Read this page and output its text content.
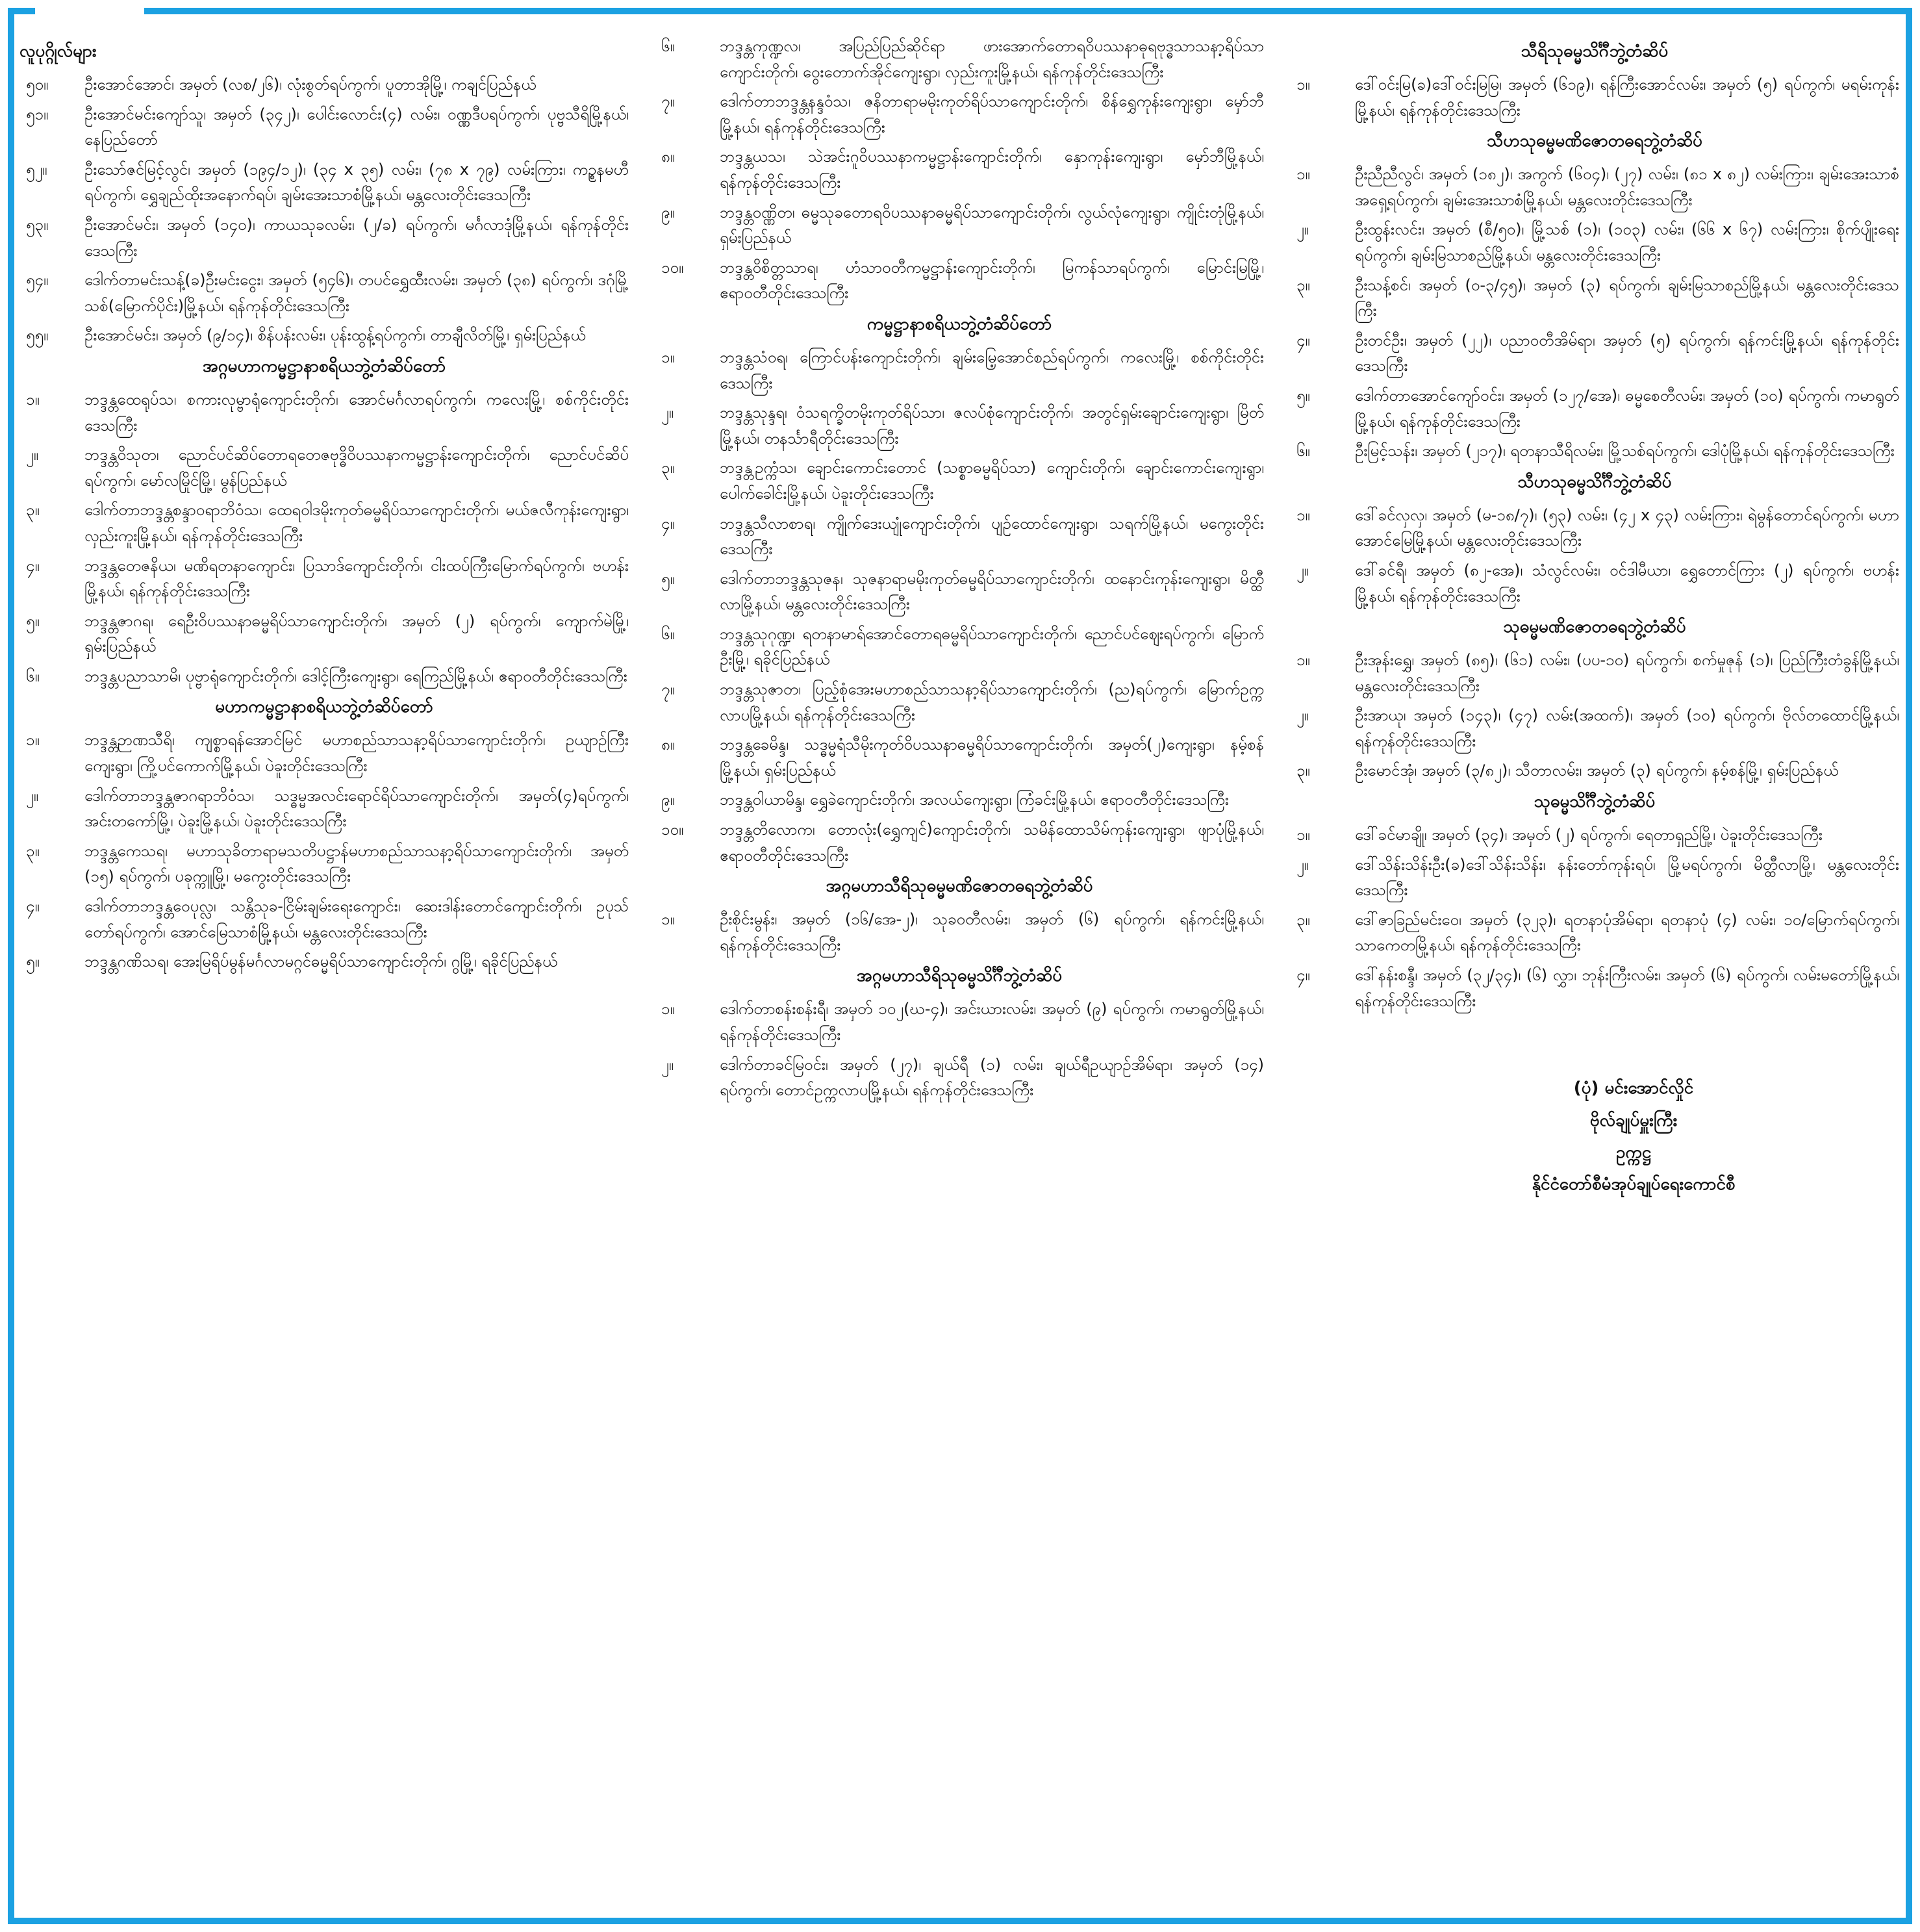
လူပုဂ္ဂိုလ်များ
၅၀။	ဦးအောင်အောင်၊ အမှတ် (လစ/၂၆)၊ လုံးစွတ်ရပ်ကွက်၊ ပူတာအိုမြို့၊ ကချင်ပြည်နယ်
၅၁။	ဦးအောင်မင်းကျော်သူ၊ အမှတ် (၃၄၂)၊ ပေါင်းလောင်း(၄) လမ်း၊ ဝဏ္ဏဒီပရပ်ကွက်၊ ပုဗ္ဗသီရိမြို့နယ်၊ နေပြည်တော်
၅၂။	ဦးသော်ဇင်မြင့်လွင်၊ အမှတ် (၁၉၄/၁၂)၊ (၃၄ x ၃၅) လမ်း၊ (၇၈ x ၇၉) လမ်းကြား၊ ကဥ္စနမဟီရပ်ကွက်၊ ရွှေချည်ထိုးအနောက်ရပ်၊ ချမ်းအေးသာစံမြို့နယ်၊ မန္တလေးတိုင်းဒေသကြီး
၅၃။	ဦးအောင်မင်း၊ အမှတ် (၁၄၀)၊ ကာယသုခလမ်း၊ (၂/ခ) ရပ်ကွက်၊ မင်္ဂလာဒုံမြို့နယ်၊ ရန်ကုန်တိုင်းဒေသကြီး
၅၄။	ဒေါက်တာမင်းသန့်(ခ)ဦးမင်းငွေး၊ အမှတ် (၅၄၆)၊ တပင်ရွှေထီးလမ်း၊ အမှတ် (၃၈) ရပ်ကွက်၊ ဒဂုံမြို့သစ်(မြောက်ပိုင်း)မြို့နယ်၊ ရန်ကုန်တိုင်းဒေသကြီး
၅၅။	ဦးအောင်မင်း၊ အမှတ် (၉/၁၄)၊ စိန်ပန်းလမ်း၊ ပုန်းထွန့်ရပ်ကွက်၊ တာချီလိတ်မြို့၊ ရှမ်းပြည်နယ်
အဂ္ဂမဟာကမ္မဋ္ဌာနာစရိယဘွဲ့တံဆိပ်တော်
၁။	ဘဒ္ဒန္တထေရုပ်သ၊ စကားလုမ္ဗာရုံကျောင်းတိုက်၊ အောင်မင်္ဂလာရပ်ကွက်၊ ကလေးမြို့၊ စစ်ကိုင်းတိုင်းဒေသကြီး
၂။	ဘဒ္ဒန္တဝိသုတ၊ ညောင်ပင်ဆိပ်တောရတေဇဗုဒ္ဓိဝိပဿနာကမ္မဋ္ဌာန်းကျောင်းတိုက်၊ ညောင်ပင်ဆိပ်ရပ်ကွက်၊ မော်လမြိုင်မြို့၊ မွန်ပြည်နယ်
၃။	ဒေါက်တာဘဒ္ဒန္တစန္ဒာဝရာဘိဝံသ၊ ထေရဝါဒမိုးကုတ်ဓမ္မရိပ်သာကျောင်းတိုက်၊ မယ်ဇလီကုန်းကျေးရွာ၊ လှည်းကူးမြို့နယ်၊ ရန်ကုန်တိုင်းဒေသကြီး
၄။	ဘဒ္ဒန္တတေဇနိယ၊ မဏိရတနာကျောင်း၊ ပြသာဒ်ကျောင်းတိုက်၊ ငါးထပ်ကြီးမြောက်ရပ်ကွက်၊ ဗဟန်းမြို့နယ်၊ ရန်ကုန်တိုင်းဒေသကြီး
၅။	ဘဒ္ဒန္တဇာဂရ၊ ရေဦးဝိပဿနာဓမ္မရိပ်သာကျောင်းတိုက်၊ အမှတ် (၂) ရပ်ကွက်၊ ကျောက်မဲမြို့၊ ရှမ်းပြည်နယ်
၆။	ဘဒ္ဒန္တပညာသာမိ၊ ပုဗ္ဗာရုံကျောင်းတိုက်၊ ဒေါင့်ကြီးကျေးရွာ၊ ရေကြည်မြို့နယ်၊ ဧရာဝတီတိုင်းဒေသကြီး
မဟာကမ္မဋ္ဌာနာစရိယဘွဲ့တံဆိပ်တော်
၁။	ဘဒ္ဒန္တဉာဏသီရိ၊ ကျစ္စာရန်အောင်မြင် မဟာစည်သာသနာ့ရိပ်သာကျောင်းတိုက်၊ ဥယျာဉ်ကြီးကျေးရွာ၊ ကြို့ပင်ကောက်မြို့နယ်၊ ပဲခူးတိုင်းဒေသကြီး
၂။	ဒေါက်တာဘဒ္ဒန္တဇာဂရာဘိဝံသ၊ သဒ္ဓမ္မအလင်းရောင်ရိပ်သာကျောင်းတိုက်၊ အမှတ်(၄)ရပ်ကွက်၊ အင်းတကော်မြို့၊ ပဲခူးမြို့နယ်၊ ပဲခူးတိုင်းဒေသကြီး
၃။	ဘဒ္ဒန္တကေသရ၊ မဟာသုခိတာရာမသတိပဋ္ဌာန်မဟာစည်သာသနာ့ရိပ်သာကျောင်းတိုက်၊ အမှတ် (၁၅) ရပ်ကွက်၊ ပခုက္ကူမြို့၊ မကွေးတိုင်းဒေသကြီး
၄။	ဒေါက်တာဘဒ္ဒန္တဝေပုလ္လ၊ သန္တိသုခ-ငြိမ်းချမ်းရေးကျောင်း၊ ဆေးဒါန်းတောင်ကျောင်းတိုက်၊ ဥပုသ်တော်ရပ်ကွက်၊ အောင်မြေသာစံမြို့နယ်၊ မန္တလေးတိုင်းဒေသကြီး
၅။	ဘဒ္ဒန္တဂဏိသရ၊ အေးမြရိပ်မွန်မင်္ဂလာမဂ္ဂင်ဓမ္မရိပ်သာကျောင်းတိုက်၊ ဂွမြို့၊ ရခိုင်ပြည်နယ်
၆။	ဘဒ္ဒန္တကုဏ္ဍလ၊ အပြည်ပြည်ဆိုင်ရာ ဖားအောက်တောရဝိပဿနာဓုရဗုဒ္ဓသာသနာ့ရိပ်သာကျောင်းတိုက်၊ ဝွေးတောက်အိုင်ကျေးရွာ၊ လှည်းကူးမြို့နယ်၊ ရန်ကုန်တိုင်းဒေသကြီး
၇။	ဒေါက်တာဘဒ္ဒန္တနန္ဒဝံသ၊ ဇနိတာရာမမိုးကုတ်ရိပ်သာကျောင်းတိုက်၊ စိန်ရွှေကုန်းကျေးရွာ၊ မှော်ဘီမြို့နယ်၊ ရန်ကုန်တိုင်းဒေသကြီး
၈။	ဘဒ္ဒန္တယသ၊ သဲအင်းဂူဝိပဿနာကမ္မဋ္ဌာန်းကျောင်းတိုက်၊ နှောကုန်းကျေးရွာ၊ မှော်ဘီမြို့နယ်၊ ရန်ကုန်တိုင်းဒေသကြီး
၉။	ဘဒ္ဒန္တဝဏ္ဏိတ၊ ဓမ္မသုခတောရဝိပဿနာဓမ္မရိပ်သာကျောင်းတိုက်၊ လွယ်လုံကျေးရွာ၊ ကျိုင်းတုံမြို့နယ်၊ ရှမ်းပြည်နယ်
၁၀။	ဘဒ္ဒန္တဝိစိတ္တသာရ၊ ဟံသာဝတီကမ္မဋ္ဌာန်းကျောင်းတိုက်၊ မြကန်သာရပ်ကွက်၊ မြောင်းမြမြို့၊ ဧရာဝတီတိုင်းဒေသကြီး
ကမ္မဋ္ဌာနာစရိယဘွဲ့တံဆိပ်တော်
၁။	ဘဒ္ဒန္တသံဝရ၊ ကြောင်ပန်းကျောင်းတိုက်၊ ချမ်းမြေ့အောင်စည်ရပ်ကွက်၊ ကလေးမြို့၊ စစ်ကိုင်းတိုင်းဒေသကြီး
၂။	ဘဒ္ဒန္တသုန္ဒရ၊ ဝံသရက္ခိတမိုးကုတ်ရိပ်သာ၊ ဇလပ်စုံကျောင်းတိုက်၊ အတွင်ရှမ်းချောင်းကျေးရွာ၊ မြိတ်မြို့နယ်၊ တနင်္သာရီတိုင်းဒေသကြီး
၃။	ဘဒ္ဒန္တဥက္ကံသ၊ ချောင်းကောင်းတောင် (သစ္စာဓမ္မရိပ်သာ) ကျောင်းတိုက်၊ ချောင်းကောင်းကျေးရွာ၊ ပေါက်ခေါင်းမြို့နယ်၊ ပဲခူးတိုင်းဒေသကြီး
၄။	ဘဒ္ဒန္တသီလာစာရ၊ ကျိုက်ဒေးယျုံကျောင်းတိုက်၊ ပျဉ်ထောင်ကျေးရွာ၊ သရက်မြို့နယ်၊ မကွေးတိုင်းဒေသကြီး
၅။	ဒေါက်တာဘဒ္ဒန္တသုဇန၊ သုဇနာရာမမိုးကုတ်ဓမ္မရိပ်သာကျောင်းတိုက်၊ ထနောင်းကုန်းကျေးရွာ၊ မိတ္ထီလာမြို့နယ်၊ မန္တလေးတိုင်းဒေသကြီး
၆။	ဘဒ္ဒန္တသုဂုဏ္ဍ၊ ရတနာမာရ်အောင်တောရဓမ္မရိပ်သာကျောင်းတိုက်၊ ညောင်ပင်ဈေးရပ်ကွက်၊ မြောက်ဦးမြို့၊ ရခိုင်ပြည်နယ်
၇။	ဘဒ္ဒန္တသုဇာတ၊ ပြည့်စုံအေးမဟာစည်သာသနာ့ရိပ်သာကျောင်းတိုက်၊ (ည)ရပ်ကွက်၊ မြောက်ဥက္ကလာပမြို့နယ်၊ ရန်ကုန်တိုင်းဒေသကြီး
၈။	ဘဒ္ဒန္တခေမိန္ဒ၊ သဒ္ဓမ္မရံသီမိုးကုတ်ဝိပဿနာဓမ္မရိပ်သာကျောင်းတိုက်၊ အမှတ်(၂)ကျေးရွာ၊ နမ့်စန်မြို့နယ်၊ ရှမ်းပြည်နယ်
၉။	ဘဒ္ဒန္တဝါယာမိန္ဒ၊ ရွှေခဲကျောင်းတိုက်၊ အလယ်ကျေးရွာ၊ ကြံခင်းမြို့နယ်၊ ဧရာဝတီတိုင်းဒေသကြီး
၁၀။	ဘဒ္ဒန္တတိလောက၊ တောလုံး(ရွှေကျင်)ကျောင်းတိုက်၊ သမိန်ထောသိမ်ကုန်းကျေးရွာ၊ ဖျာပုံမြို့နယ်၊ ဧရာဝတီတိုင်းဒေသကြီး
အဂ္ဂမဟာသီရိသုဓမ္မမဏိဇောတဓရဘွဲ့တံဆိပ်
၁။	ဦးစိုင်းမွန်း၊ အမှတ် (၁၆/အေ-၂)၊ သုခဝတီလမ်း၊ အမှတ် (၆) ရပ်ကွက်၊ ရန်ကင်းမြို့နယ်၊ ရန်ကုန်တိုင်းဒေသကြီး
အဂ္ဂမဟာသီရိသုဓမ္မသိင်္ဂီဘွဲ့တံဆိပ်
၁။	ဒေါက်တာစန်းစန်းရီ၊ အမှတ် ၁၀၂(ဃ-၄)၊ အင်းယားလမ်း၊ အမှတ် (၉) ရပ်ကွက်၊ ကမာရွတ်မြို့နယ်၊ ရန်ကုန်တိုင်းဒေသကြီး
၂။	ဒေါက်တာခင်မြဝင်း၊ အမှတ် (၂၇)၊ ချယ်ရီ (၁) လမ်း၊ ချယ်ရီဥယျာဉ်အိမ်ရာ၊ အမှတ် (၁၄) ရပ်ကွက်၊ တောင်ဥက္ကလာပမြို့နယ်၊ ရန်ကုန်တိုင်းဒေသကြီး
သီရိသုဓမ္မသိင်္ဂီဘွဲ့တံဆိပ်
၁။	ဒေါ်ဝင်းမြ(ခ)ဒေါ်ဝင်းမြမြ၊ အမှတ် (၆၁၉)၊ ရန်ကြီးအောင်လမ်း၊ အမှတ် (၅) ရပ်ကွက်၊ မရမ်းကုန်းမြို့နယ်၊ ရန်ကုန်တိုင်းဒေသကြီး
သီဟသုဓမ္မမဏိဇောတဓရဘွဲ့တံဆိပ်
၁။	ဦးညီညီလွင်၊ အမှတ် (၁၈၂)၊ အကွက် (၆၀၄)၊ (၂၇) လမ်း၊ (၈၁ x ၈၂) လမ်းကြား၊ ချမ်းအေးသာစံအရှေ့ရပ်ကွက်၊ ချမ်းအေးသာစံမြို့နယ်၊ မန္တလေးတိုင်းဒေသကြီး
၂။	ဦးထွန်းလင်း၊ အမှတ် (စီ/၅၀)၊ မြို့သစ် (၁)၊ (၁၀၃) လမ်း၊ (၆၆ x ၆၇) လမ်းကြား၊ စိုက်ပျိုးရေးရပ်ကွက်၊ ချမ်းမြသာစည်မြို့နယ်၊ မန္တလေးတိုင်းဒေသကြီး
၃။	ဦးသန့်စင်၊ အမှတ် (၀-၃/၄၅)၊ အမှတ် (၃) ရပ်ကွက်၊ ချမ်းမြသာစည်မြို့နယ်၊ မန္တလေးတိုင်းဒေသကြီး
၄။	ဦးတင်ဦး၊ အမှတ် (၂၂)၊ ပညာဝတီအိမ်ရာ၊ အမှတ် (၅) ရပ်ကွက်၊ ရန်ကင်းမြို့နယ်၊ ရန်ကုန်တိုင်းဒေသကြီး
၅။	ဒေါက်တာအောင်ကျော်ဝင်း၊ အမှတ် (၁၂၇/အေ)၊ ဓမ္မစေတီလမ်း၊ အမှတ် (၁၀) ရပ်ကွက်၊ ကမာရွတ်မြို့နယ်၊ ရန်ကုန်တိုင်းဒေသကြီး
၆။	ဦးမြင့်သန်း၊ အမှတ် (၂၁၇)၊ ရတနာသီရိလမ်း၊ မြို့သစ်ရပ်ကွက်၊ ဒေါပုံမြို့နယ်၊ ရန်ကုန်တိုင်းဒေသကြီး
သီဟသုဓမ္မသိင်္ဂီဘွဲ့တံဆိပ်
၁။	ဒေါ်ခင်လှလှ၊ အမှတ် (မ-၁၈/၇)၊ (၅၃) လမ်း၊ (၄၂ x ၄၃) လမ်းကြား၊ ရဲမွန်တောင်ရပ်ကွက်၊ မဟာအောင်မြေမြို့နယ်၊ မန္တလေးတိုင်းဒေသကြီး
၂။	ဒေါ်ခင်ရီ၊ အမှတ် (၈၂-အေ)၊ သံလွင်လမ်း၊ ဝင်ဒါမီယာ၊ ရွှေတောင်ကြား (၂) ရပ်ကွက်၊ ဗဟန်းမြို့နယ်၊ ရန်ကုန်တိုင်းဒေသကြီး
သုဓမ္မမဏိဇောတဓရဘွဲ့တံဆိပ်
၁။	ဦးအုန်းရွှေ၊ အမှတ် (၈၅)၊ (၆၁) လမ်း၊ (ပပ-၁၀) ရပ်ကွက်၊ စက်မှုဇုန် (၁)၊ ပြည်ကြီးတံခွန်မြို့နယ်၊ မန္တလေးတိုင်းဒေသကြီး
၂။	ဦးအာယု၊ အမှတ် (၁၄၃)၊ (၄၇) လမ်း(အထက်)၊ အမှတ် (၁၀) ရပ်ကွက်၊ ဗိုလ်တထောင်မြို့နယ်၊ ရန်ကုန်တိုင်းဒေသကြီး
၃။	ဦးမောင်အုံ၊ အမှတ် (၃/၈၂)၊ သီတာလမ်း၊ အမှတ် (၃) ရပ်ကွက်၊ နမ့်စန်မြို့၊ ရှမ်းပြည်နယ်
သုဓမ္မသိင်္ဂီဘွဲ့တံဆိပ်
၁။	ဒေါ်ခင်မာချို၊ အမှတ် (၃၄)၊ အမှတ် (၂) ရပ်ကွက်၊ ရေတာရှည်မြို့၊ ပဲခူးတိုင်းဒေသကြီး
၂။	ဒေါ်သိန်းသိန်းဦး(ခ)ဒေါ်သိန်းသိန်း၊ နန်းတော်ကုန်းရပ်၊ မြို့မရပ်ကွက်၊ မိတ္ထီလာမြို့၊ မန္တလေးတိုင်းဒေသကြီး
၃။	ဒေါ်ဇာခြည်မင်းဝေ၊ အမှတ် (၃၂၃)၊ ရတနာပုံအိမ်ရာ၊ ရတနာပုံ (၄) လမ်း၊ ၁၀/မြောက်ရပ်ကွက်၊ သာကေတမြို့နယ်၊ ရန်ကုန်တိုင်းဒေသကြီး
၄။	ဒေါ်နန်းစန္ဒီ၊ အမှတ် (၃၂/၃၄)၊ (၆) လွှာ၊ ဘုန်းကြီးလမ်း၊ အမှတ် (၆) ရပ်ကွက်၊ လမ်းမတော်မြို့နယ်၊ ရန်ကုန်တိုင်းဒေသကြီး
(ပုံ) မင်းအောင်လှိုင်
ဗိုလ်ချုပ်မှူးကြီး
ဥက္ကဋ္ဌ
နိုင်ငံတော်စီမံအုပ်ချုပ်ရေးကောင်စီ
